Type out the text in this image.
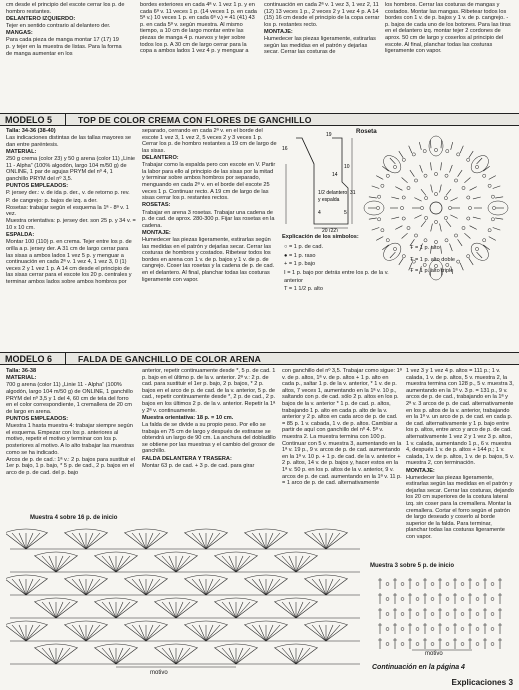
cm desde el principio del escote cerrar los p. de hombro restantes.

DELANTERO IZQUIERDO:

Tejer en sentido contrario al delantero der.

MANGAS:

Para cada pieza de manga montar 17 (17) 19 p. y tejer en la muestra de listas. Para la forma de manga aumentar en los

bordes exteriores en cada 4ª v. 1 vez 1 p. y en cada 6ª v. 11 veces 1 p. (14 veces 1 p. en cada 5ª v.) 10 veces 1 p. en cada 6ª v.) = 41 (41) 43 p. en cada 5ª v. según muestra. Al mismo tiempo, a 10 cm de largo montar entre las piezas de manga 4 p. nuevos y tejer sobre todos los p. A 30 cm de largo cerrar para la copa a ambos lados 1 vez 4 p. y menguar a

continuación en cada 2ª v. 1 vez 3, 1 vez 2, 11 (12) 13 veces 1 p., 2 veces 2 y 1 vez 4 p. A 14 (15) 16 cm desde el principio de la copa cerrar los p. restantes recto.

MONTAJE:

Humedecer las piezas ligeramente, estirarlas según las medidas en el patrón y dejarlas secar. Cerrar las costuras de

los hombros. Cerrar las costuras de mangas y costados. Montar las mangas. Ribetear todos los bordes con 1 v. de p. bajos y 1 v. de p. cangrejo. - p. bajos de cada uno de los botones. Para las tiras en el delantero izq. montar tejer 2 cordones de aprox. 50 cm de largo y coserlos al principio del escote. Al final, planchar todas las costuras ligeramente con vapor.

MODELO 5	TOP DE COLOR CREMA CON FLORES DE GANCHILLO

Talla: 34-36 (38-40)

Las indicaciones distintas de las tallas mayores se dan entre paréntesis.

MATERIAL:

250 g crema (color 23) y 50 g arena (color 11) „Linie 11 - Alpha“ (100% algodón, largo 104 m/50 g) de ONLINE, 1 par de agujas PRYM del nº 4, 1 ganchillo PRYM del nº 3,5.

PUNTOS EMPLEADOS:

P. jersey der.: v. de ida p. der., v. de retorno p. rev.

P. de cangrejo: p. bajos de izq. a der.

Rosetas: trabajar según el esquema la 1ª - 8ª v. 1 vez.

Muestra orientativa: p. jersey der. son 25 p. y 34 v. = 10 x 10 cm.

ESPALDA:

Montar 100 (110) p. en crema. Tejer entre los p. de orilla a p. jersey der. A 31 cm de largo cerrar para las sisas a ambos lados 1 vez 5 p. y menguar a continuación en cada 2ª v. 1 vez 4, 1 vez 3, 0 (1) veces 2 y 1 vez 1 p. A 14 cm desde el principio de las sisas cerrar para el escote los 20 p. centrales y terminar ambos lados sobre ambos hombros por

separado, cerrando en cada 2ª v. en el borde del escote 1 vez 3, 1 vez 2, 5 veces 2 y 3 veces 1 p. Cerrar los p. de hombro restantes a 19 cm de largo de las sisas.

DELANTERO:

Trabajar como la espalda pero con escote en V. Partir la labor para ello al principio de las sisas por la mitad y terminar sobre ambos hombros por separado, menguando en cada 2ª v. en el borde del escote 25 veces 1 p. Continuar recto. A 19 cm de largo de las sisas cerrar los p. restantes rectos.

ROSETAS:

Trabajar en arena 3 rosetas. Trabajar una cadena de p. de cad. de aprox. 280-300 p. Fijar las rosetas en la cadena.

MONTAJE:

Humedecer las piezas ligeramente, estirarlas según las medidas en el patrón y dejarlas secar. Cerrar las costuras de hombros y costados. Ribetear todos los bordes en arena con 1 v. de p. bajos y 1 v. de p. de cangrejo. Coser las rosetas y la cadena de p. de cad. en el delantero. Al final, planchar todas las costuras ligeramente con vapor.

19
14
31
4	5
16
10
20 (22)
1/2 delantero
y espalda
Roseta

Explicación de los símbolos:

○ = 1 p. de cad.

● = 1 p. raso

+ = 1 p. bajo

Ⅰ = 1 p. bajo por detrás entre los p. de la v. anterior

T = 1 1/2 p. alto

Ŧ = 1 p. alto

Ŧ = 1 p. alto doble

Ŧ = 1 p. alto triple

MODELO 6	FALDA DE GANCHILLO DE COLOR ARENA

Talla: 36-38

MATERIAL:

700 g arena (color 11) „Linie 11 - Alpha“ (100% algodón, largo 104 m/50 g) de ONLINE, 1 ganchillo PRYM del nº 3,5 y 1 del 4, 60 cm de tela del forro en el color correspondiente, 1 cremallera de 20 cm de largo en arena.

PUNTOS EMPLEADOS:

Muestra 1 hasta muestra 4: trabajar siempre según el esquema. Empezar con los p. anteriores al motivo, repetir el motivo y terminar con los p. posteriores al motivo. A lo alto trabajar las muestras como se ha indicado.

Arcos de p. de cad.: 1ª v.: 2 p. bajos para sustituir el 1er p. bajo, 1 p. bajo, * 5 p. de cad., 2 p. bajos en el arco de p. de cad. del p. bajo

anterior, repetir continuamente desde *, 5 p. de cad. 1 p. bajo en el último p. de la v. anterior. 2ª v.: 2 p. de cad. para sustituir el 1er p. bajo, 2 p. bajos, * 2 p. bajos en el arco de p. de cad. de la v. anterior, 5 p. de cad., repetir continuamente desde *, 2 p. de cad., 2 p. bajos en los últimos 2 p. de la v. anterior. Repetir la 1ª y 2ª v. continuamente.

Muestra orientativa: 18 p. = 10 cm.

La falda de se divide a su propio peso. Por ello se trabaja en 75 cm de largo y después de estirarse se obtendrá un largo de 90 cm. La anchura del dobladillo se obtiene por las muestras y el cambio del grosor de ganchillo.

FALDA DELANTERA Y TRASERA:

Montar 63 p. de cad. + 3 p. de cad. para girar

con ganchillo del nº 3,5. Trabajar como sigue: 1ª v. de p. altos, 1ª v. de p. altos + 1 p. alto en cada p., saltar 1 p. de la v. anterior, * 1 v. de p. altos, 7 veces 1, aumentando en la 1ª v. 10 p., saltando con p. de cad. sólo 2 p. altos en los p. bajos de la v. anterior * 1 p. de cad. p. altos, trabajando 1 p. alto en cada p. alto de la v. anterior y 2 p. altos en cada arco de p. de cad. = 85 p. 1 v. cabada, 1 v. de p. altos. Cambiar a partir de aquí con ganchillo del nº 4. 5ª v. muestra 2. La muestra termina con 100 p. Continuar con 5 v. muestra 3, aumentando en la 1ª v. 19 p., 9 v. arcos de p. de cad. aumentando en la 1ª v. 10 p. + 1 p. de cad. de la v. anterior + 2 p. altos, 14 v. de p. bajos y, hacer estos en la 1ª v. 50 p. en los p. altos de la v. anterior, 9 v. arcos de p. de cad. aumentando en la 1ª v. 11 p. = 1 arco de p. de cad. alternativamente

1 vez 3 y 1 vez 4 p. altos = 111 p.; 1 v. calada, 1 v. de p. altos, 5 v. muestra 2, la muestra termina con 128 p., 5 v. muestra 3, aumentando en la 1ª v. 3 p. = 131 p., 9 v. arcos de p. de cad., trabajando en la 1ª y 2ª v. 3 arcos de p. de cad. alternativamente en los p. altos de la v. anterior, trabajando en la 1ª v. un arco de p. de cad. en cada p. de cad. alternativamente y 1 p. bajo entre los p. altos, entre arco y arco de p. de cad. alternativamente 1 vez 2 y 1 vez 3 p. altos, 1 v. calada, aumentando 1 p., 6 v. muestra 4, después 1 v. de p. altos + 144 p.; 1 v. calada, 1 v. de p. altos, 1 v. de p. bajos, 5 v. muestra 2, con terminación.

MONTAJE:

Humedecer las piezas ligeramente, estirarlas según las medidas en el patrón y dejarlas secar. Cerrar las costuras, dejando los 20 cm superiores de la costura lateral izq. sin coser para la cremallera. Montar la cremallera. Cortar el forro según el patrón de largo deseado y coserlo al borde superior de la falda. Para terminar, planchar todas las costuras ligeramente con vapor.

Muestra 4 sobre 16 p. de inicio
motivo
Muestra 3 sobre 5 p. de inicio
motivo
Continuación en la página 4
Explicaciones 3
